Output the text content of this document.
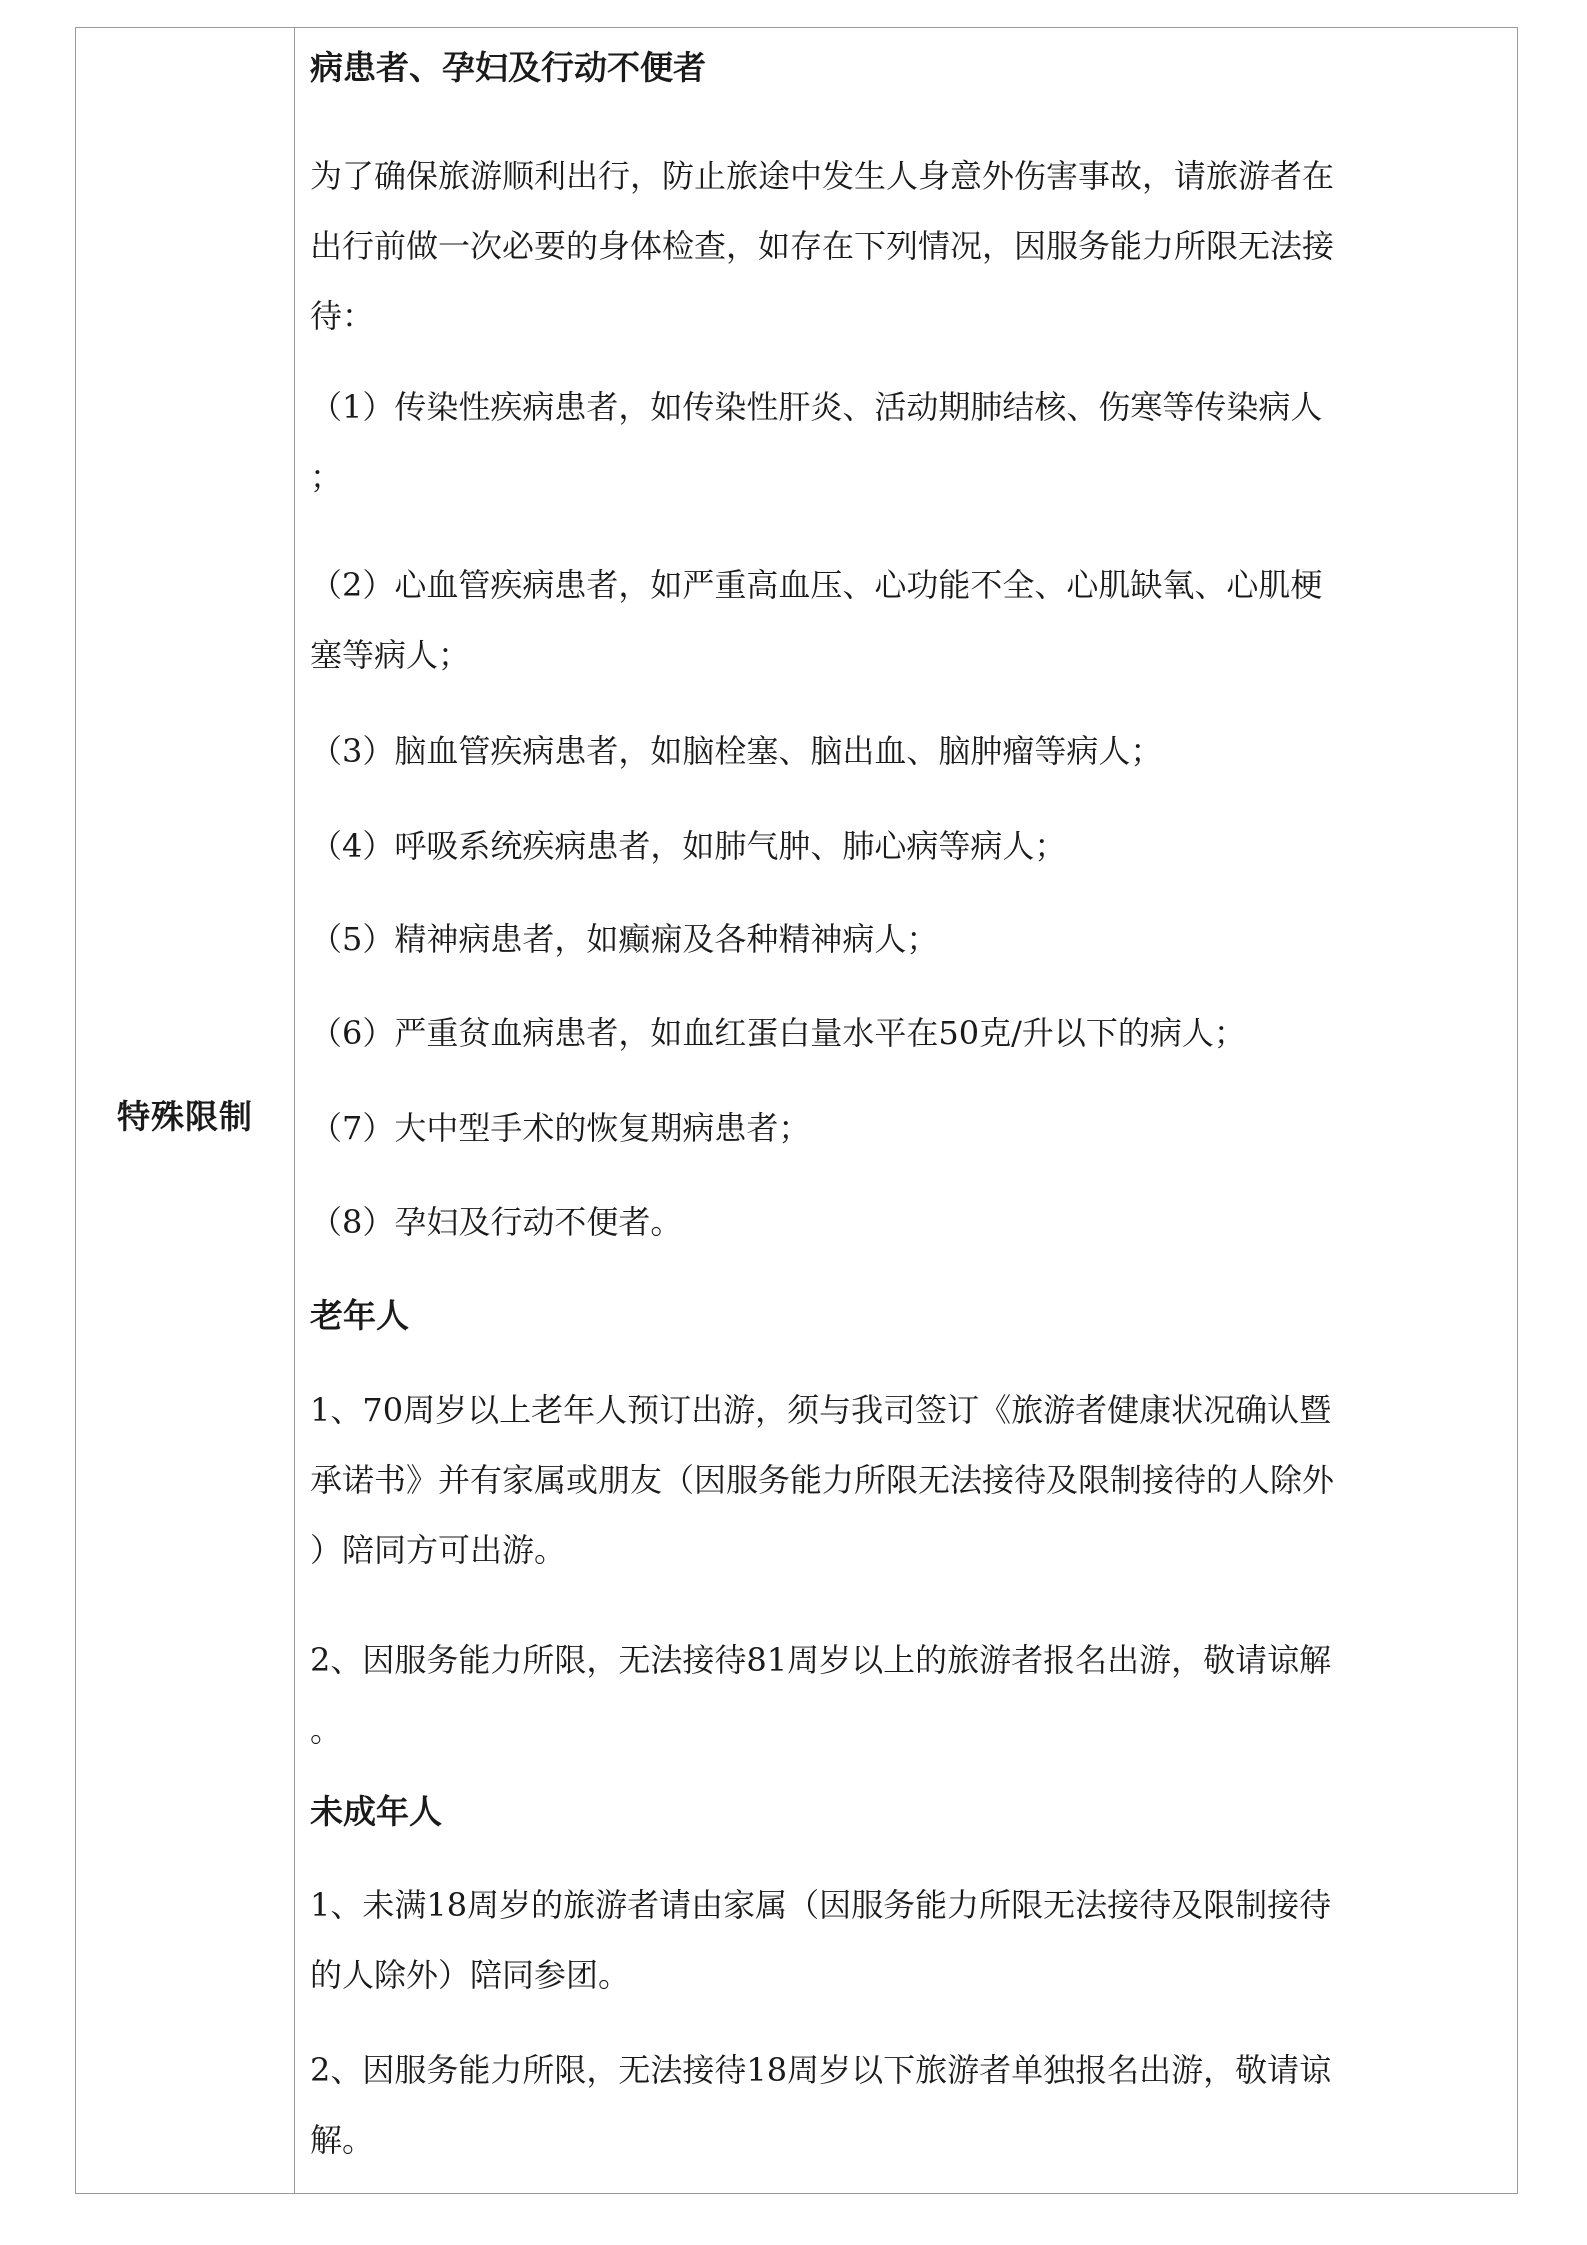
特殊限制
病患者、孕妇及行动不便者
为了确保旅游顺利出行，防止旅途中发生人身意外伤害事故，请旅游者在
出行前做一次必要的身体检查，如存在下列情况，因服务能力所限无法接
待：
（1）传染性疾病患者，如传染性肝炎、活动期肺结核、伤寒等传染病人
；
（2）心血管疾病患者，如严重高血压、心功能不全、心肌缺氧、心肌梗
塞等病人；
（3）脑血管疾病患者，如脑栓塞、脑出血、脑肿瘤等病人；
（4）呼吸系统疾病患者，如肺气肿、肺心病等病人；
（5）精神病患者，如癫痫及各种精神病人；
（6）严重贫血病患者，如血红蛋白量水平在50克/升以下的病人；
（7）大中型手术的恢复期病患者；
（8）孕妇及行动不便者。
老年人
1、70周岁以上老年人预订出游，须与我司签订《旅游者健康状况确认暨
承诺书》并有家属或朋友（因服务能力所限无法接待及限制接待的人除外
）陪同方可出游。
2、因服务能力所限，无法接待81周岁以上的旅游者报名出游，敬请谅解
。
未成年人
1、未满18周岁的旅游者请由家属（因服务能力所限无法接待及限制接待
的人除外）陪同参团。
2、因服务能力所限，无法接待18周岁以下旅游者单独报名出游，敬请谅
解。
